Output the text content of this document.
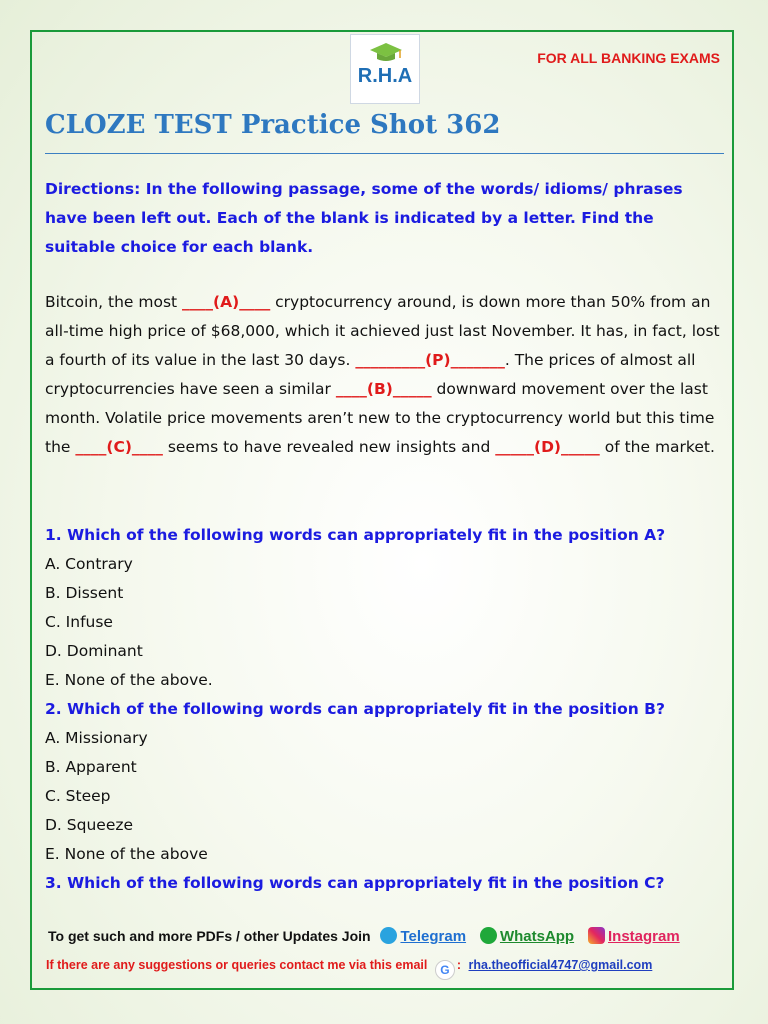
R.H.A
FOR ALL BANKING EXAMS
CLOZE TEST Practice Shot 362
Directions: In the following passage, some of the words/ idioms/ phrases have been left out. Each of the blank is indicated by a letter. Find the suitable choice for each blank.
Bitcoin, the most ____(A)____ cryptocurrency around, is down more than 50% from an all-time high price of $68,000, which it achieved just last November. It has, in fact, lost a fourth of its value in the last 30 days. _________(P)_______. The prices of almost all cryptocurrencies have seen a similar ____(B)_____ downward movement over the last month. Volatile price movements aren’t new to the cryptocurrency world but this time the ____(C)____ seems to have revealed new insights and _____(D)_____ of the market.
1. Which of the following words can appropriately fit in the position A?
A. Contrary
B. Dissent
C. Infuse
D. Dominant
E. None of the above.
2. Which of the following words can appropriately fit in the position B?
A. Missionary
B. Apparent
C. Steep
D. Squeeze
E. None of the above
3. Which of the following words can appropriately fit in the position C?
To get such and more PDFs / other Updates Join Telegram WhatsApp Instagram
If there are any suggestions or queries contact me via this email G : rha.theofficial4747@gmail.com
